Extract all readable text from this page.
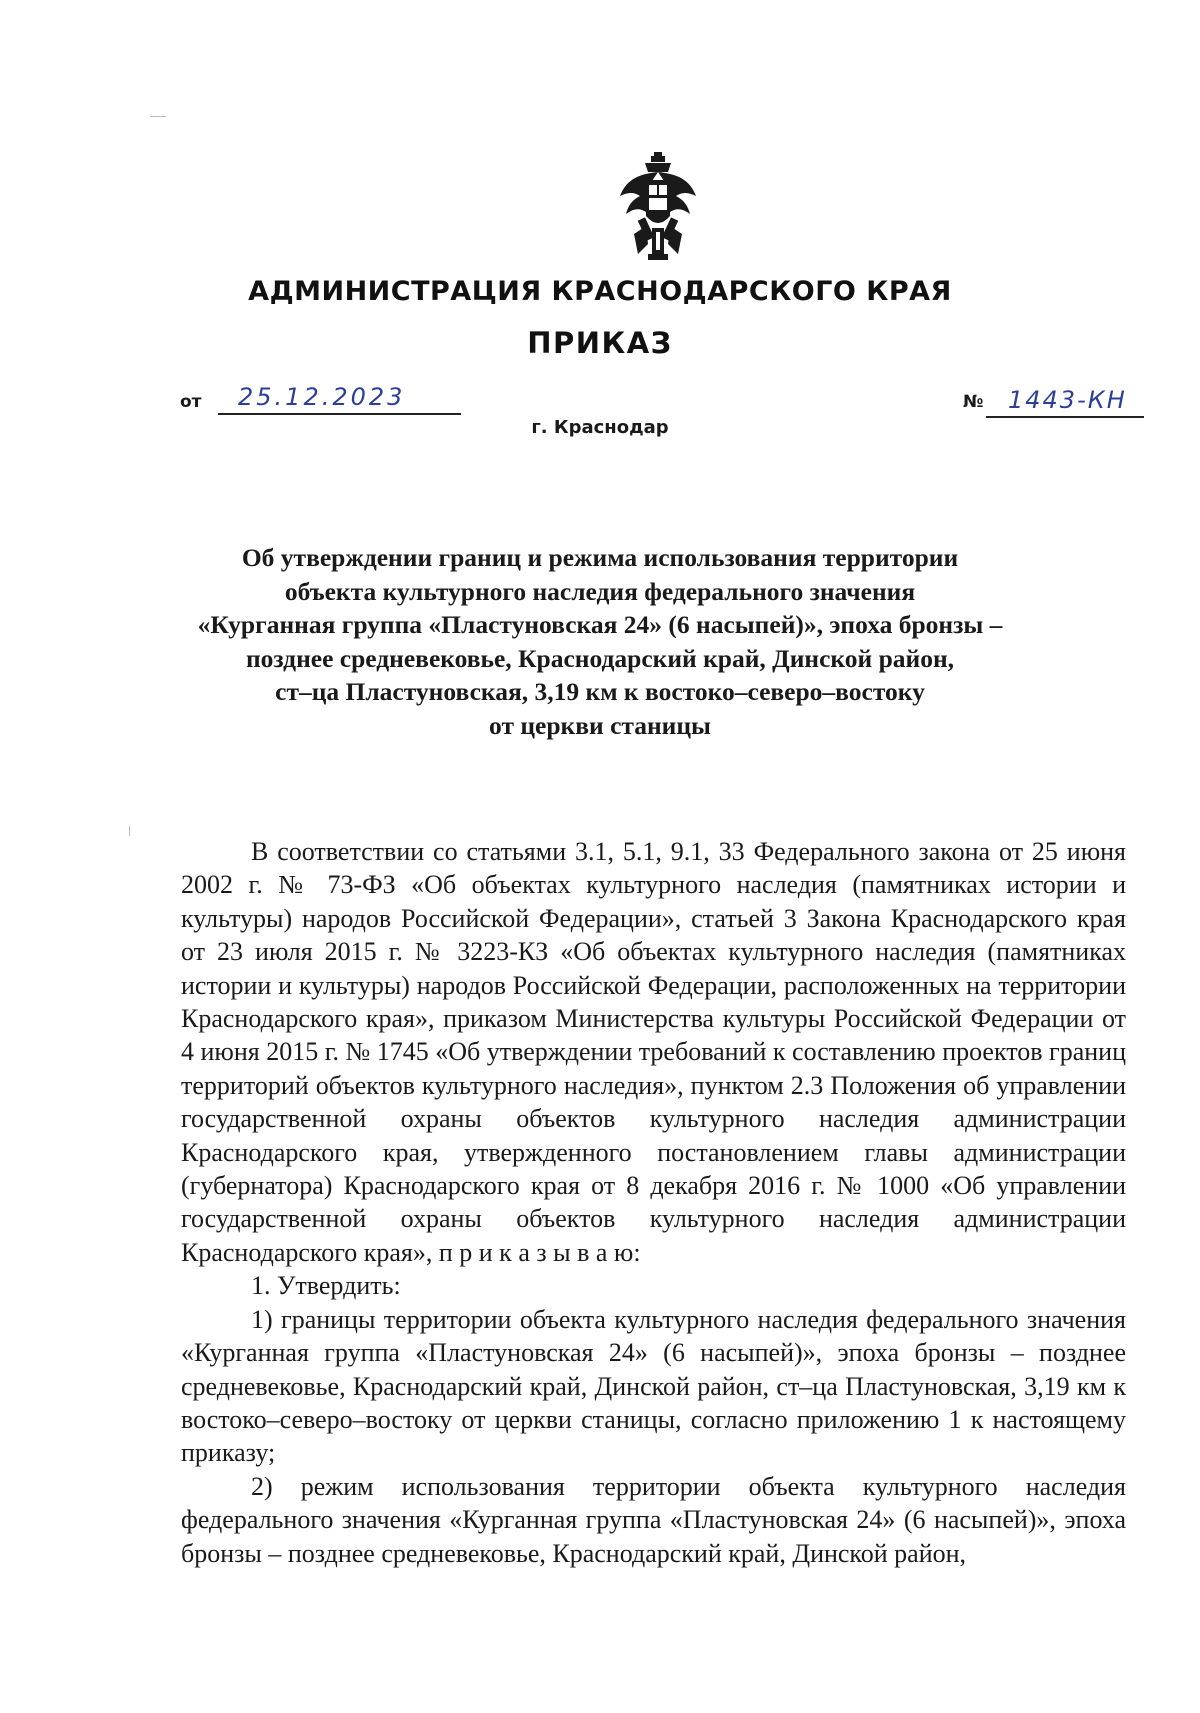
АДМИНИСТРАЦИЯ КРАСНОДАРСКОГО КРАЯ
ПРИКАЗ
от 25.12.2023	№ 1443-КН
г. Краснодар
Об утверждении границ и режима использования территории
объекта культурного наследия федерального значения
«Курганная группа «Пластуновская 24» (6 насыпей)», эпоха бронзы –
позднее средневековье, Краснодарский край, Динской район,
ст–ца Пластуновская, 3,19 км к востоко–северо–востоку
от церкви станицы

В соответствии со статьями 3.1, 5.1, 9.1, 33 Федерального закона от 25 июня 2002 г. № 73-ФЗ «Об объектах культурного наследия (памятниках истории и культуры) народов Российской Федерации», статьей 3 Закона Краснодарского края от 23 июля 2015 г. № 3223-КЗ «Об объектах культурного наследия (памятниках истории и культуры) народов Российской Федерации, расположенных на территории Краснодарского края», приказом Министерства культуры Российской Федерации от 4 июня 2015 г. № 1745 «Об утверждении требований к составлению проектов границ территорий объектов культурного наследия», пунктом 2.3 Положения об управлении государственной охраны объектов культурного наследия администрации Краснодарского края, утвержденного постановлением главы администрации (губернатора) Краснодарского края от 8 декабря 2016 г. № 1000 «Об управлении государственной охраны объектов культурного наследия администрации Краснодарского края», п р и к а з ы в а ю:

1. Утвердить:

1) границы территории объекта культурного наследия федерального значения «Курганная группа «Пластуновская 24» (6 насыпей)», эпоха бронзы – позднее средневековье, Краснодарский край, Динской район, ст–ца Пластуновская, 3,19 км к востоко–северо–востоку от церкви станицы, согласно приложению 1 к настоящему приказу;

2) режим использования территории объекта культурного наследия федерального значения «Курганная группа «Пластуновская 24» (6 насыпей)», эпоха бронзы – позднее средневековье, Краснодарский край, Динской район,
